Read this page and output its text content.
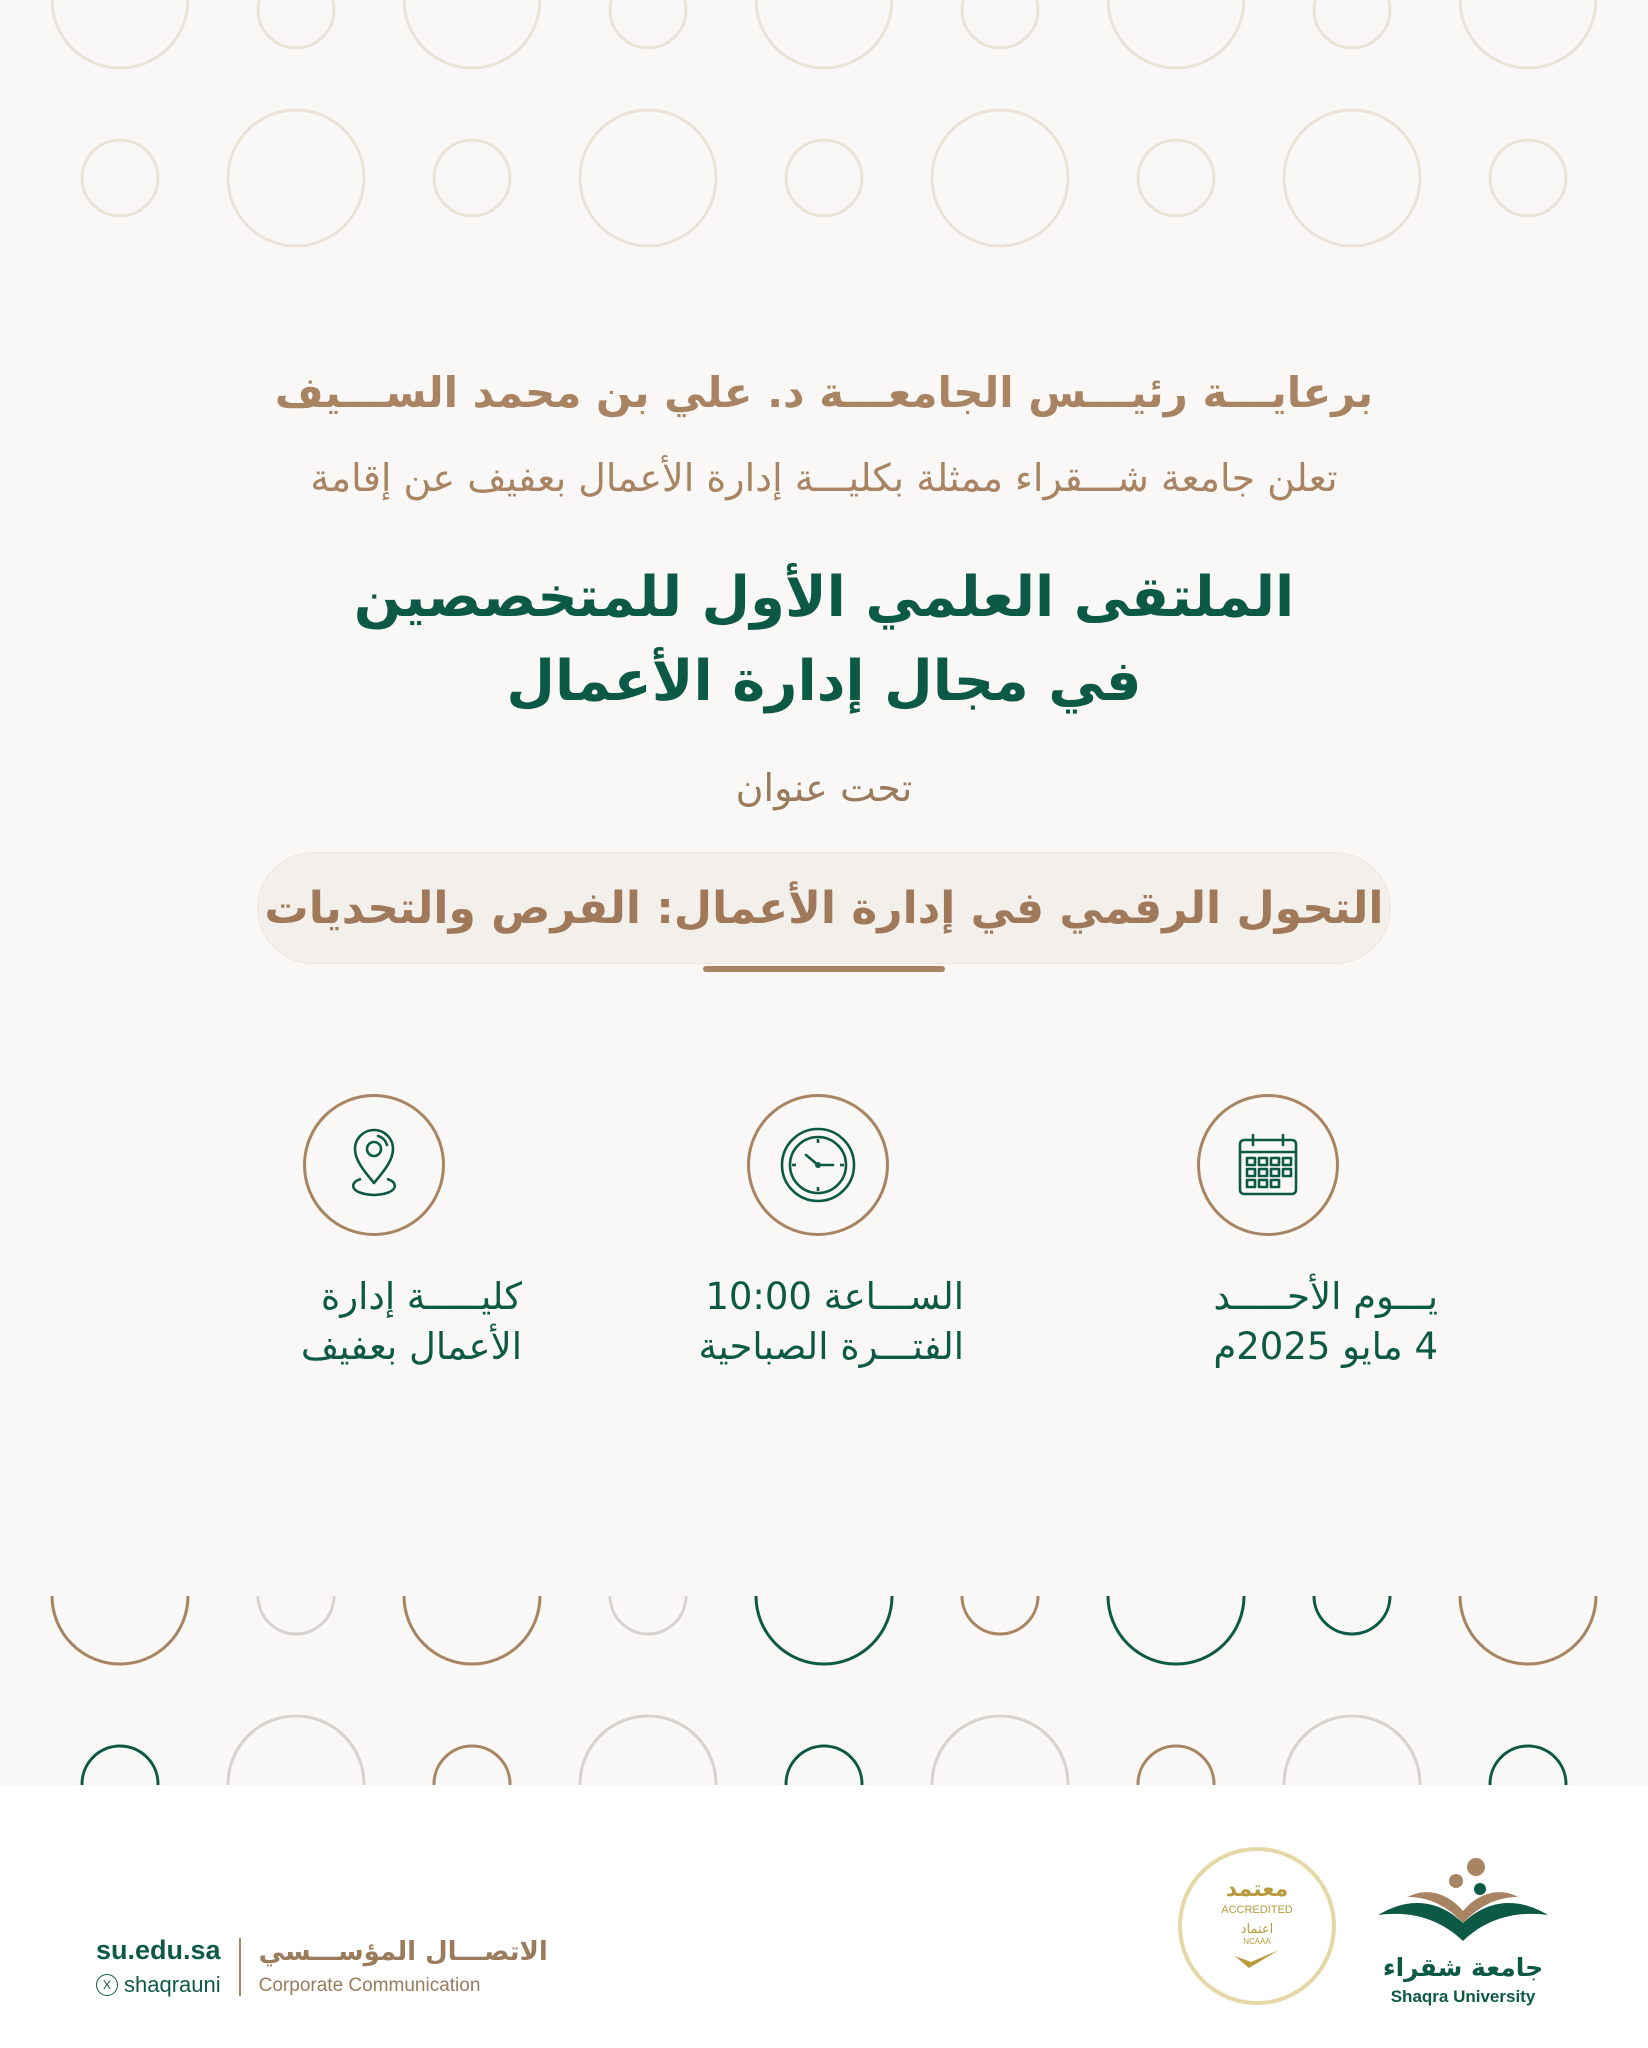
برعايـــة رئيـــس الجامعـــة د. علي بن محمد الســـيف
تعلن جامعة شـــقراء ممثلة بكليـــة إدارة الأعمال بعفيف عن إقامة
الملتقى العلمي الأول للمتخصصين
في مجال إدارة الأعمال
تحت عنوان
التحول الرقمي في إدارة الأعمال: الفرص والتحديات
يـــوم الأحـــــد
4 مايو 2025م
الســـاعة 10:00
الفتـــرة الصباحية
كليـــــة إدارة
الأعمال بعفيف
su.edu.sa
X shaqrauni
الاتصـــال المؤســـسي
Corporate Communication
معتمد
ACCREDITED
اعتماد
NCAAA
جامعة شقراء
Shaqra University
